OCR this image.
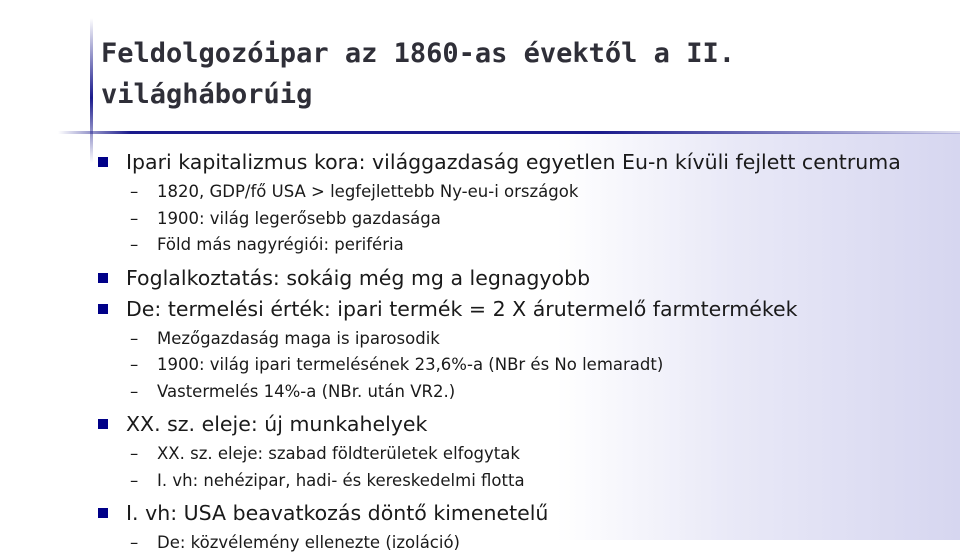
Feldolgozóipar az 1860-as évektől a II.
világháborúig
Ipari kapitalizmus kora: világgazdaság egyetlen Eu-n kívüli fejlett centruma
– 1820, GDP/fő USA > legfejlettebb Ny-eu-i országok
– 1900: világ legerősebb gazdasága
– Föld más nagyrégiói: periféria
Foglalkoztatás: sokáig még mg a legnagyobb
De: termelési érték: ipari termék = 2 X árutermelő farmtermékek
– Mezőgazdaság maga is iparosodik
– 1900: világ ipari termelésének 23,6%-a (NBr és No lemaradt)
– Vastermelés 14%-a (NBr. után VR2.)
XX. sz. eleje: új munkahelyek
– XX. sz. eleje: szabad földterületek elfogytak
– I. vh: nehézipar, hadi- és kereskedelmi flotta
I. vh: USA beavatkozás döntő kimenetelű
– De: közvélemény ellenezte (izoláció)
